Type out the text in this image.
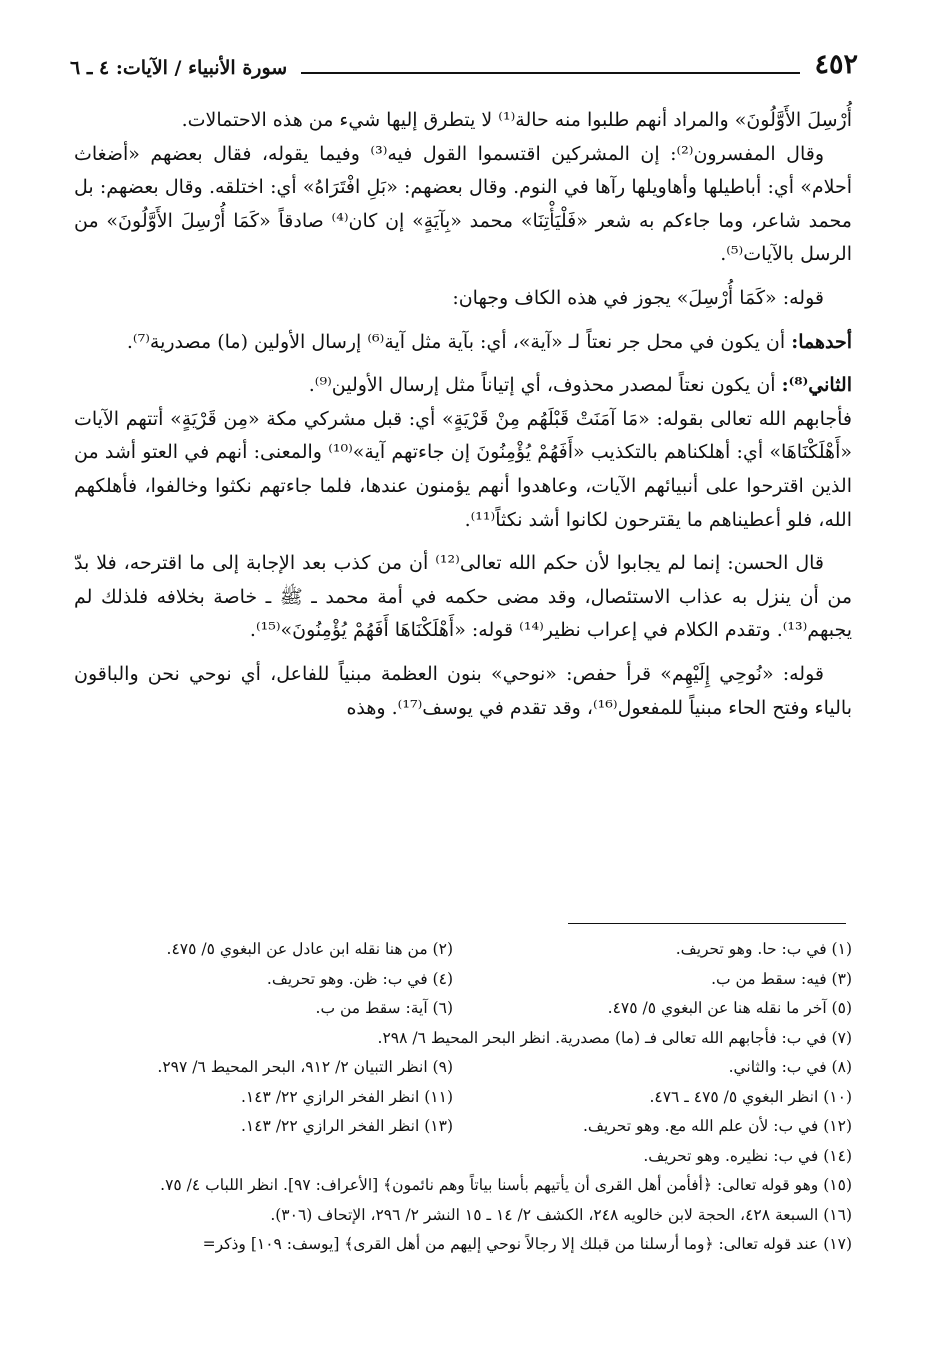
٤٥٢
سورة الأنبياء / الآيات: ٤ ـ ٦

أُرْسِلَ الأَوَّلُونَ» والمراد أنهم طلبوا منه حالة⁽¹⁾ لا يتطرق إليها شيء من هذه الاحتمالات.

وقال المفسرون⁽²⁾: إن المشركين اقتسموا القول فيه⁽³⁾ وفيما يقوله، فقال بعضهم «أضغاث أحلام» أي: أباطيلها وأهاويلها رآها في النوم. وقال بعضهم: «بَلِ افْتَرَاهُ» أي: اختلقه. وقال بعضهم: بل محمد شاعر، وما جاءكم به شعر «فَلْيَأْتِنَا» محمد «بِآيَةٍ» إن كان⁽⁴⁾ صادقاً «كَمَا أُرْسِلَ الأَوَّلُونَ» من الرسل بالآيات⁽⁵⁾.

قوله: «كَمَا أُرْسِلَ» يجوز في هذه الكاف وجهان:

أحدهما: أن يكون في محل جر نعتاً لـ «آية»، أي: بآية مثل آية⁽⁶⁾ إرسال الأولين (ما) مصدرية⁽⁷⁾.

الثاني⁽⁸⁾: أن يكون نعتاً لمصدر محذوف، أي إتياناً مثل إرسال الأولين⁽⁹⁾.

فأجابهم الله تعالى بقوله: «مَا آمَنَتْ قَبْلَهُم مِنْ قَرْيَةٍ» أي: قبل مشركي مكة «مِن قَرْيَةٍ» أتتهم الآيات «أَهْلَكْنَاهَا» أي: أهلكناهم بالتكذيب «أَفَهُمْ يُؤْمِنُونَ إن جاءتهم آية»⁽¹⁰⁾ والمعنى: أنهم في العتو أشد من الذين اقترحوا على أنبيائهم الآيات، وعاهدوا أنهم يؤمنون عندها، فلما جاءتهم نكثوا وخالفوا، فأهلكهم الله، فلو أعطيناهم ما يقترحون لكانوا أشد نكثاً⁽¹¹⁾.

قال الحسن: إنما لم يجابوا لأن حكم الله تعالى⁽¹²⁾ أن من كذب بعد الإجابة إلى ما اقترحه، فلا بدّ من أن ينزل به عذاب الاستئصال، وقد مضى حكمه في أمة محمد ـ ﷺ ـ خاصة بخلافه فلذلك لم يجبهم⁽¹³⁾. وتقدم الكلام في إعراب نظير⁽¹⁴⁾ قوله: «أَهْلَكْنَاهَا أَفَهُمْ يُؤْمِنُونَ»⁽¹⁵⁾.

قوله: «نُوحِي إِلَيْهِم» قرأ حفص: «نوحي» بنون العظمة مبنياً للفاعل، أي نوحي نحن والباقون بالياء وفتح الحاء مبنياً للمفعول⁽¹⁶⁾، وقد تقدم في يوسف⁽¹⁷⁾. وهذه

(١) في ب: حا. وهو تحريف.
(٢) من هنا نقله ابن عادل عن البغوي ٥/ ٤٧٥.
(٣) فيه: سقط من ب.
(٤) في ب: ظن. وهو تحريف.
(٥) آخر ما نقله هنا عن البغوي ٥/ ٤٧٥.
(٦) آية: سقط من ب.
(٧) في ب: فأجابهم الله تعالى فـ (ما) مصدرية. انظر البحر المحيط ٦/ ٢٩٨.
(٨) في ب: والثاني.
(٩) انظر التبيان ٢/ ٩١٢، البحر المحيط ٦/ ٢٩٧.
(١٠) انظر البغوي ٥/ ٤٧٥ ـ ٤٧٦.
(١١) انظر الفخر الرازي ٢٢/ ١٤٣.
(١٢) في ب: لأن علم الله مع. وهو تحريف.
(١٣) انظر الفخر الرازي ٢٢/ ١٤٣.
(١٤) في ب: نظيره. وهو تحريف.
(١٥) وهو قوله تعالى: ﴿أفأمن أهل القرى أن يأتيهم بأسنا بياتاً وهم نائمون﴾ [الأعراف: ٩٧]. انظر اللباب ٤/ ٧٥.
(١٦) السبعة ٤٢٨، الحجة لابن خالويه ٢٤٨، الكشف ٢/ ١٤ ـ ١٥ النشر ٢/ ٢٩٦، الإتحاف (٣٠٦).
(١٧) عند قوله تعالى: ﴿وما أرسلنا من قبلك إلا رجالاً نوحي إليهم من أهل القرى﴾ [يوسف: ١٠٩] وذكر=
